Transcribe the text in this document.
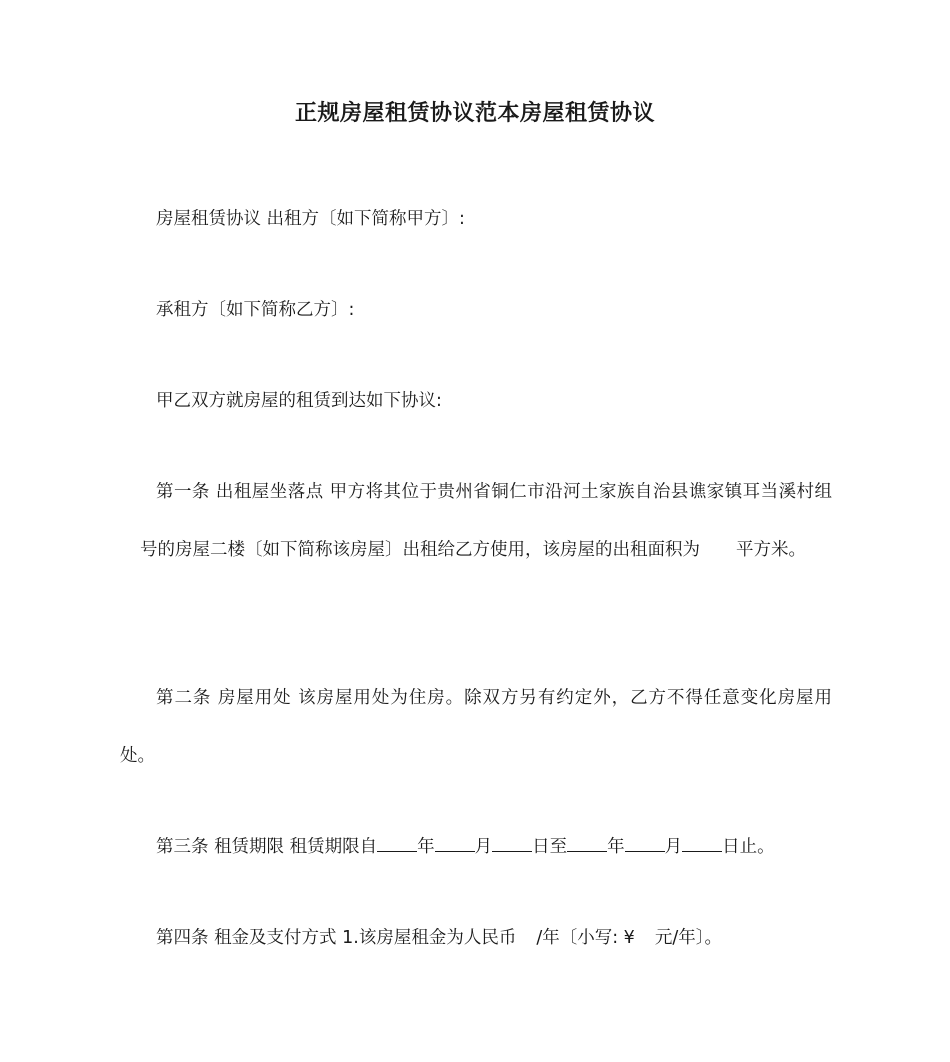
正规房屋租赁协议范本房屋租赁协议

房屋租赁协议 出租方〔如下简称甲方〕:

承租方〔如下简称乙方〕:

甲乙双方就房屋的租赁到达如下协议:

第一条 出租屋坐落点 甲方将其位于贵州省铜仁市沿河土家族自治县谯家镇耳当溪村组号的房屋二楼〔如下简称该房屋〕出租给乙方使用，该房屋的出租面积为 平方米。

第二条 房屋用处 该房屋用处为住房。除双方另有约定外，乙方不得任意变化房屋用处。

第三条 租赁期限 租赁期限自 年 月 日至 年 月 日止。

第四条 租金及支付方式 1.该房屋租金为人民币 /年〔小写: ¥ 元/年〕。
